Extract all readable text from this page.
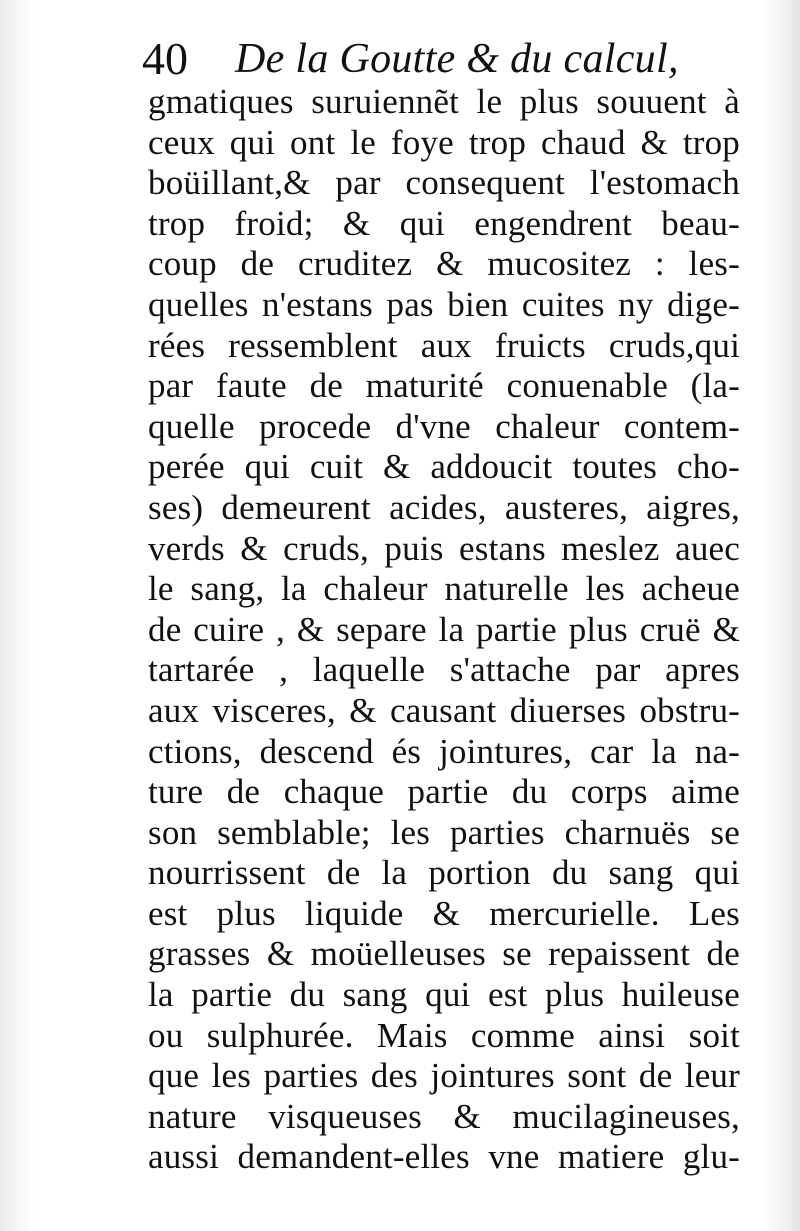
40 De la Goutte & du calcul,
gmatiques suruiennẽt le plus souuent à
ceux qui ont le foye trop chaud & trop
boüillant,& par consequent l'estomach
trop froid; & qui engendrent beau-
coup de cruditez & mucositez : les-
quelles n'estans pas bien cuites ny dige-
rées ressemblent aux fruicts cruds,qui
par faute de maturité conuenable (la-
quelle procede d'vne chaleur contem-
perée qui cuit & addoucit toutes cho-
ses) demeurent acides, austeres, aigres,
verds & cruds, puis estans meslez auec
le sang, la chaleur naturelle les acheue
de cuire , & separe la partie plus cruë &
tartarée , laquelle s'attache par apres
aux visceres, & causant diuerses obstru-
ctions, descend és jointures, car la na-
ture de chaque partie du corps aime
son semblable; les parties charnuës se
nourrissent de la portion du sang qui
est plus liquide & mercurielle. Les
grasses & moüelleuses se repaissent de
la partie du sang qui est plus huileuse
ou sulphurée. Mais comme ainsi soit
que les parties des jointures sont de leur
nature visqueuses & mucilagineuses,
aussi demandent-elles vne matiere glu-
